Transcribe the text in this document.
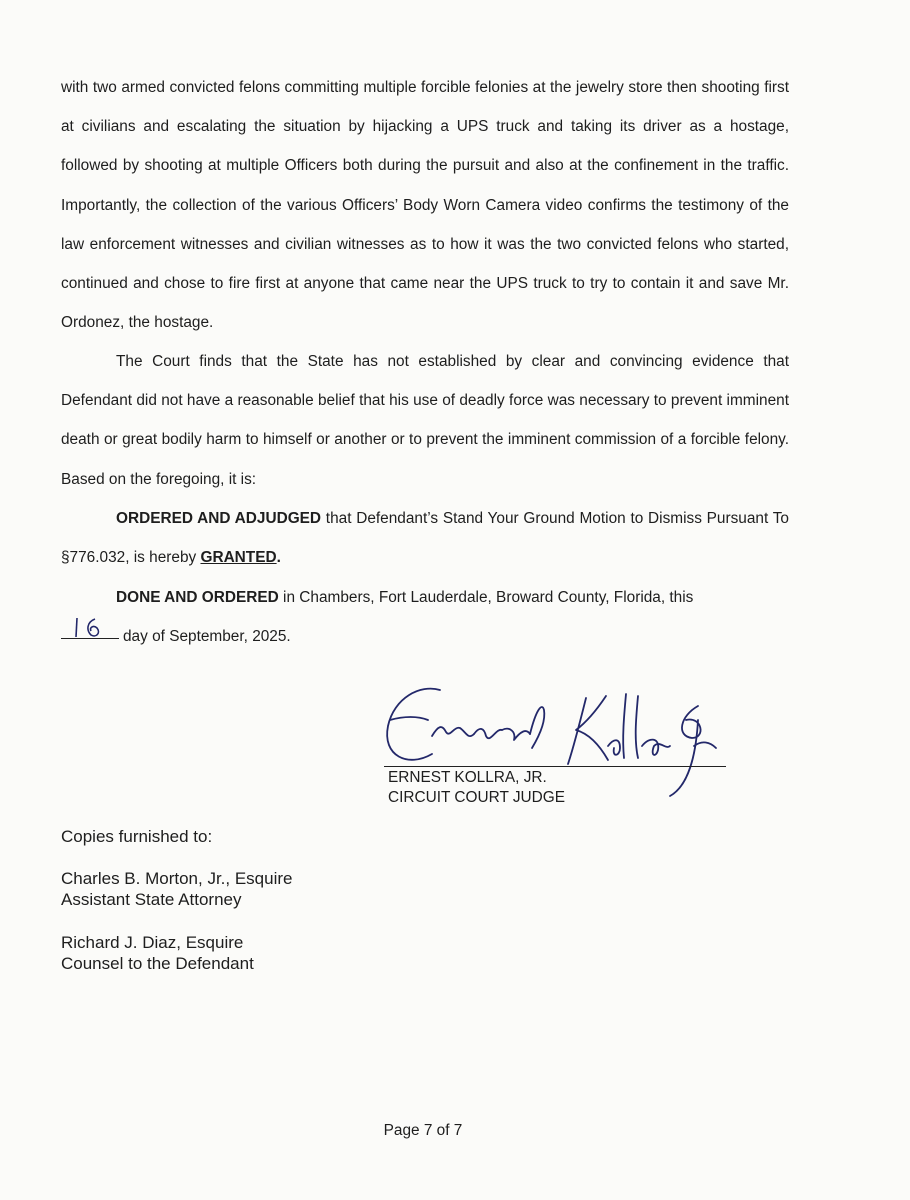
with two armed convicted felons committing multiple forcible felonies at the jewelry store then shooting first at civilians and escalating the situation by hijacking a UPS truck and taking its driver as a hostage, followed by shooting at multiple Officers both during the pursuit and also at the confinement in the traffic. Importantly, the collection of the various Officers’ Body Worn Camera video confirms the testimony of the law enforcement witnesses and civilian witnesses as to how it was the two convicted felons who started, continued and chose to fire first at anyone that came near the UPS truck to try to contain it and save Mr. Ordonez, the hostage.

The Court finds that the State has not established by clear and convincing evidence that Defendant did not have a reasonable belief that his use of deadly force was necessary to prevent imminent death or great bodily harm to himself or another or to prevent the imminent commission of a forcible felony. Based on the foregoing, it is:

ORDERED AND ADJUDGED that Defendant’s Stand Your Ground Motion to Dismiss Pursuant To §776.032, is hereby GRANTED.

DONE AND ORDERED in Chambers, Fort Lauderdale, Broward County, Florida, this

day of September, 2025.

ERNEST KOLLRA, JR.
CIRCUIT COURT JUDGE
Copies furnished to:
Charles B. Morton, Jr., Esquire
Assistant State Attorney
Richard J. Diaz, Esquire
Counsel to the Defendant
Page 7 of 7
